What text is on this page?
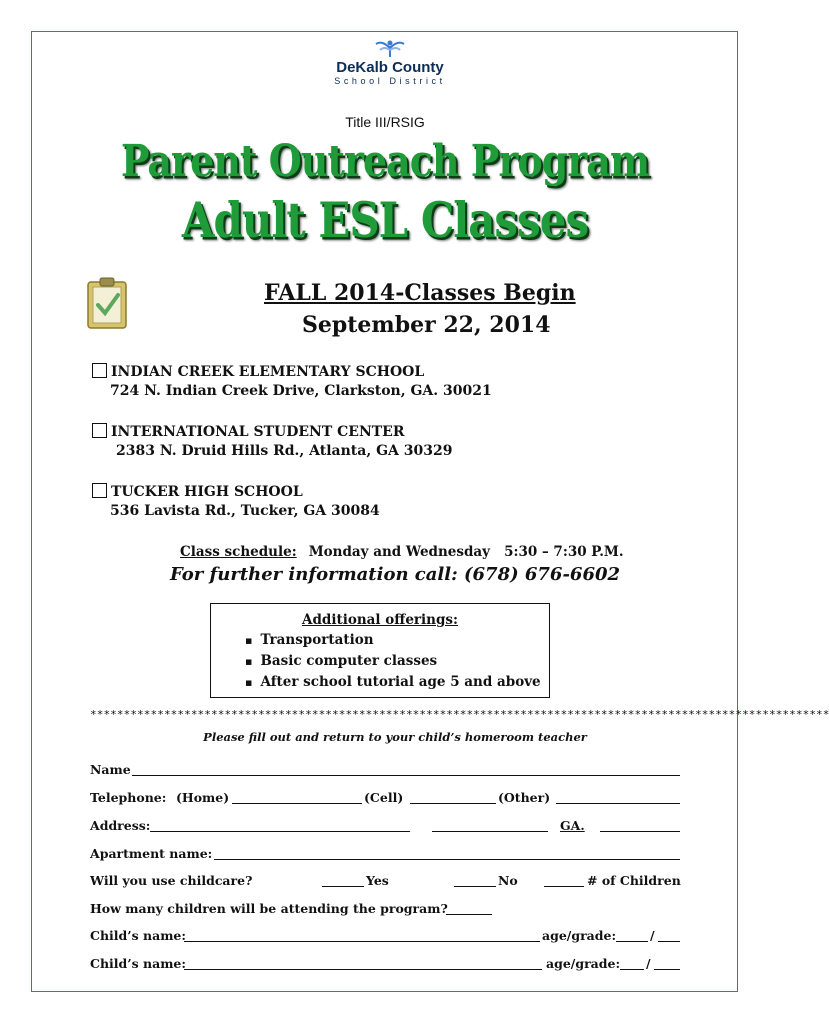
DeKalb County
School District
Title III/RSIG
Parent Outreach Program
Adult ESL Classes
FALL 2014-Classes Begin
September 22, 2014
INDIAN CREEK ELEMENTARY SCHOOL
724 N. Indian Creek Drive, Clarkston, GA. 30021
INTERNATIONAL STUDENT CENTER
2383 N. Druid Hills Rd., Atlanta, GA 30329
TUCKER HIGH SCHOOL
536 Lavista Rd., Tucker, GA 30084
Class schedule: Monday and Wednesday   5:30 – 7:30 P.M.
For further information call: (678) 676-6602
Additional offerings:
▪ Transportation
▪ Basic computer classes
▪ After school tutorial age 5 and above
**************************************************************************************************************
Please fill out and return to your child’s homeroom teacher
Name
Telephone: (Home)	(Cell)	(Other)
Address:	GA.
Apartment name:
Will you use childcare?	Yes	No	# of Children
How many children will be attending the program?
Child’s name:	age/grade:	/
Child’s name:	age/grade: /
